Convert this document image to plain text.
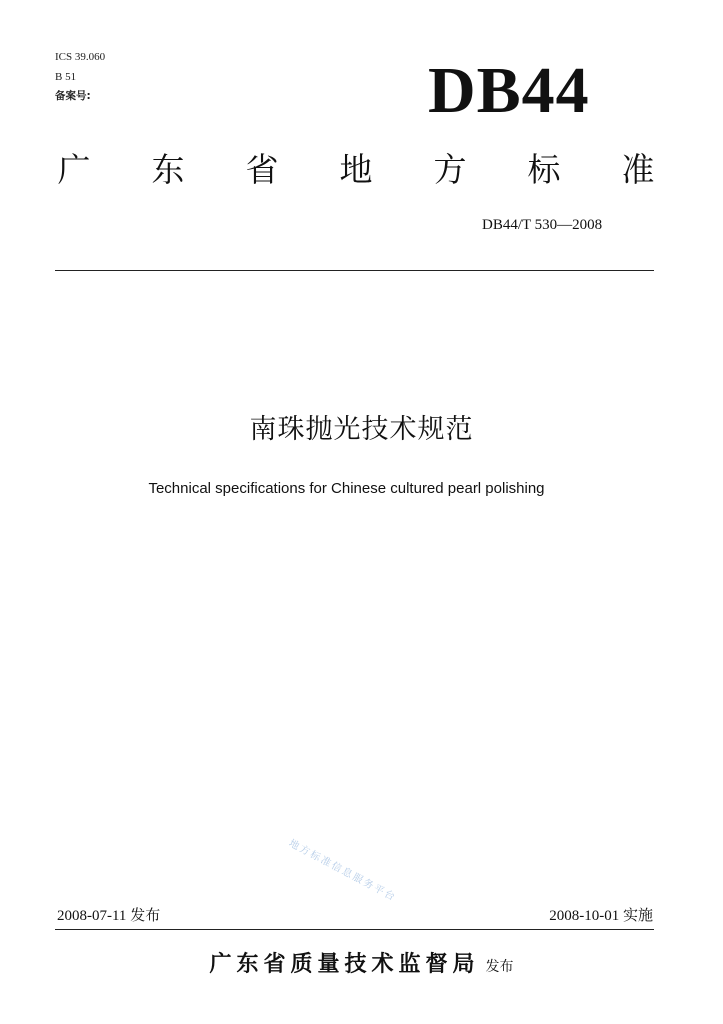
ICS 39.060
B 51
备案号:	DB44
广 东 省 地 方 标 准
DB44/T 530—2008
南珠抛光技术规范
Technical specifications for Chinese cultured pearl polishing
地方标准信息服务平台
2008-07-11 发布	2008-10-01 实施
广东省质量技术监督局 发布
